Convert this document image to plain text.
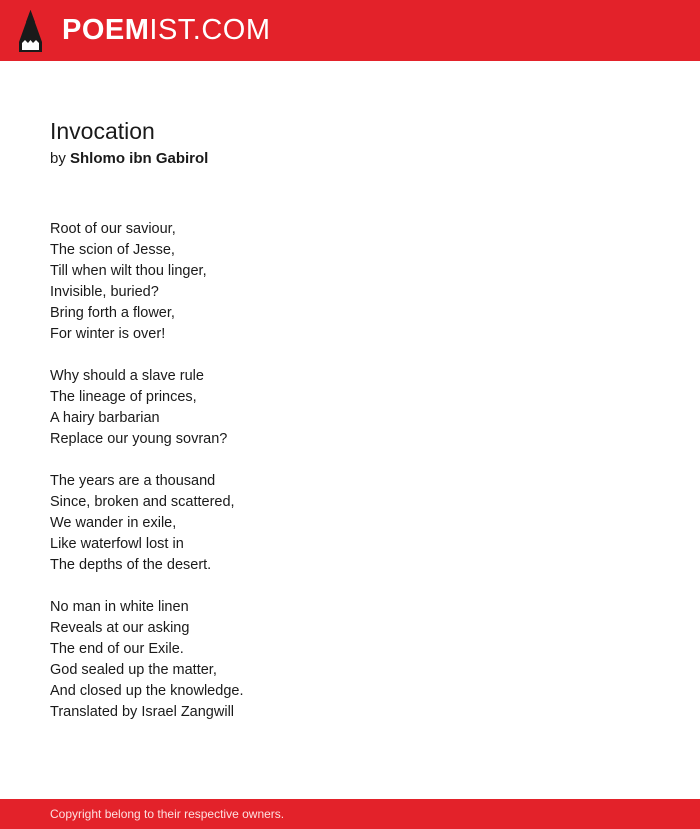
POEM IST.COM
Invocation
by Shlomo ibn Gabirol
Root of our saviour,
The scion of Jesse,
Till when wilt thou linger,
Invisible, buried?
Bring forth a flower,
For winter is over!
Why should a slave rule
The lineage of princes,
A hairy barbarian
Replace our young sovran?
The years are a thousand
Since, broken and scattered,
We wander in exile,
Like waterfowl lost in
The depths of the desert.
No man in white linen
Reveals at our asking
The end of our Exile.
God sealed up the matter,
And closed up the knowledge.
Translated by Israel Zangwill
Copyright belong to their respective owners.
